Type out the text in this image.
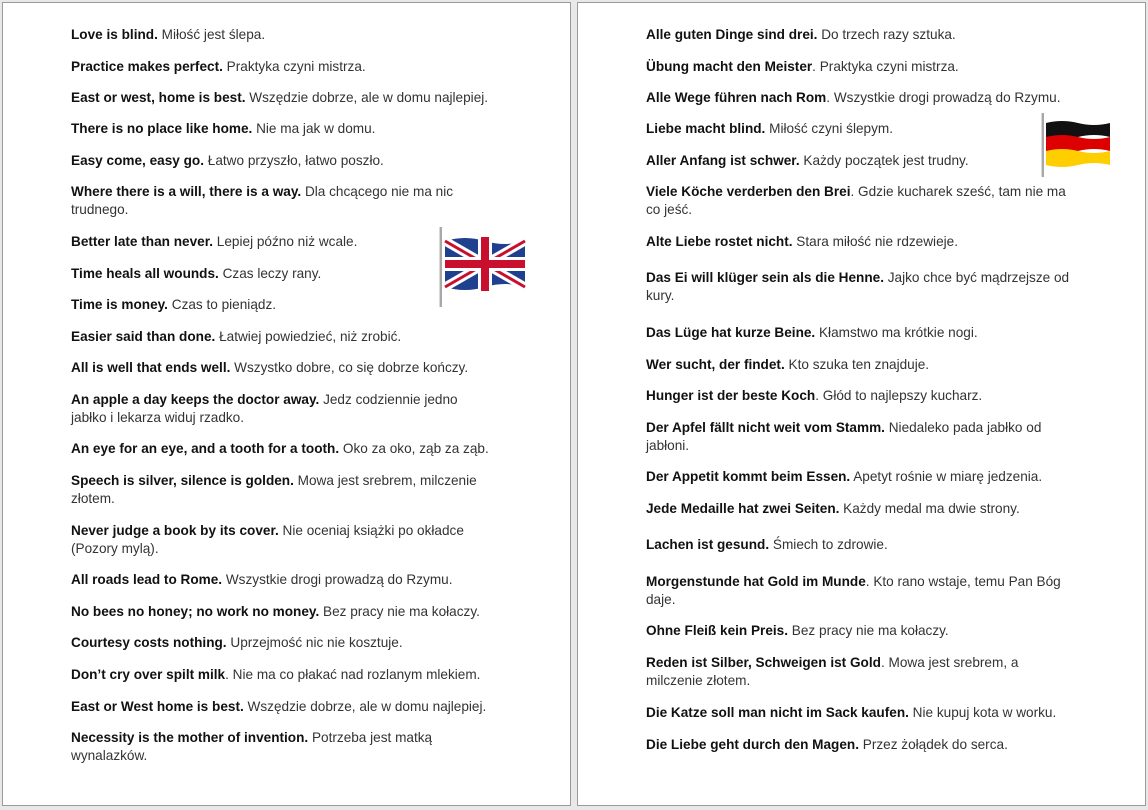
Love is blind. Miłość jest ślepa.
Practice makes perfect. Praktyka czyni mistrza.
East or west, home is best. Wszędzie dobrze, ale w domu najlepiej.
There is no place like home. Nie ma jak w domu.
Easy come, easy go. Łatwo przyszło, łatwo poszło.
Where there is a will, there is a way. Dla chcącego nie ma nic trudnego.
Better late than never. Lepiej późno niż wcale.
Time heals all wounds. Czas leczy rany.
Time is money. Czas to pieniądz.
Easier said than done. Łatwiej powiedzieć, niż zrobić.
All is well that ends well. Wszystko dobre, co się dobrze kończy.
An apple a day keeps the doctor away. Jedz codziennie jedno jabłko i lekarza widuj rzadko.
An eye for an eye, and a tooth for a tooth. Oko za oko, ząb za ząb.
Speech is silver, silence is golden. Mowa jest srebrem, milczenie złotem.
Never judge a book by its cover. Nie oceniaj książki po okładce (Pozory mylą).
All roads lead to Rome. Wszystkie drogi prowadzą do Rzymu.
No bees no honey; no work no money. Bez pracy nie ma kołaczy.
Courtesy costs nothing. Uprzejmość nic nie kosztuje.
Don’t cry over spilt milk. Nie ma co płakać nad rozlanym mlekiem.
East or West home is best. Wszędzie dobrze, ale w domu najlepiej.
Necessity is the mother of invention. Potrzeba jest matką wynalazków.
Alle guten Dinge sind drei. Do trzech razy sztuka.
Übung macht den Meister. Praktyka czyni mistrza.
Alle Wege führen nach Rom. Wszystkie drogi prowadzą do Rzymu.
Liebe macht blind. Miłość czyni ślepym.
Aller Anfang ist schwer. Każdy początek jest trudny.
Viele Köche verderben den Brei. Gdzie kucharek sześć, tam nie ma co jeść.
Alte Liebe rostet nicht. Stara miłość nie rdzewieje.
Das Ei will klüger sein als die Henne. Jajko chce być mądrzejsze od kury.
Das Lüge hat kurze Beine. Kłamstwo ma krótkie nogi.
Wer sucht, der findet. Kto szuka ten znajduje.
Hunger ist der beste Koch. Głód to najlepszy kucharz.
Der Apfel fällt nicht weit vom Stamm. Niedaleko pada jabłko od jabłoni.
Der Appetit kommt beim Essen. Apetyt rośnie w miarę jedzenia.
Jede Medaille hat zwei Seiten. Każdy medal ma dwie strony.
Lachen ist gesund. Śmiech to zdrowie.
Morgenstunde hat Gold im Munde. Kto rano wstaje, temu Pan Bóg daje.
Ohne Fleiß kein Preis. Bez pracy nie ma kołaczy.
Reden ist Silber, Schweigen ist Gold. Mowa jest srebrem, a milczenie złotem.
Die Katze soll man nicht im Sack kaufen. Nie kupuj kota w worku.
Die Liebe geht durch den Magen. Przez żołądek do serca.
